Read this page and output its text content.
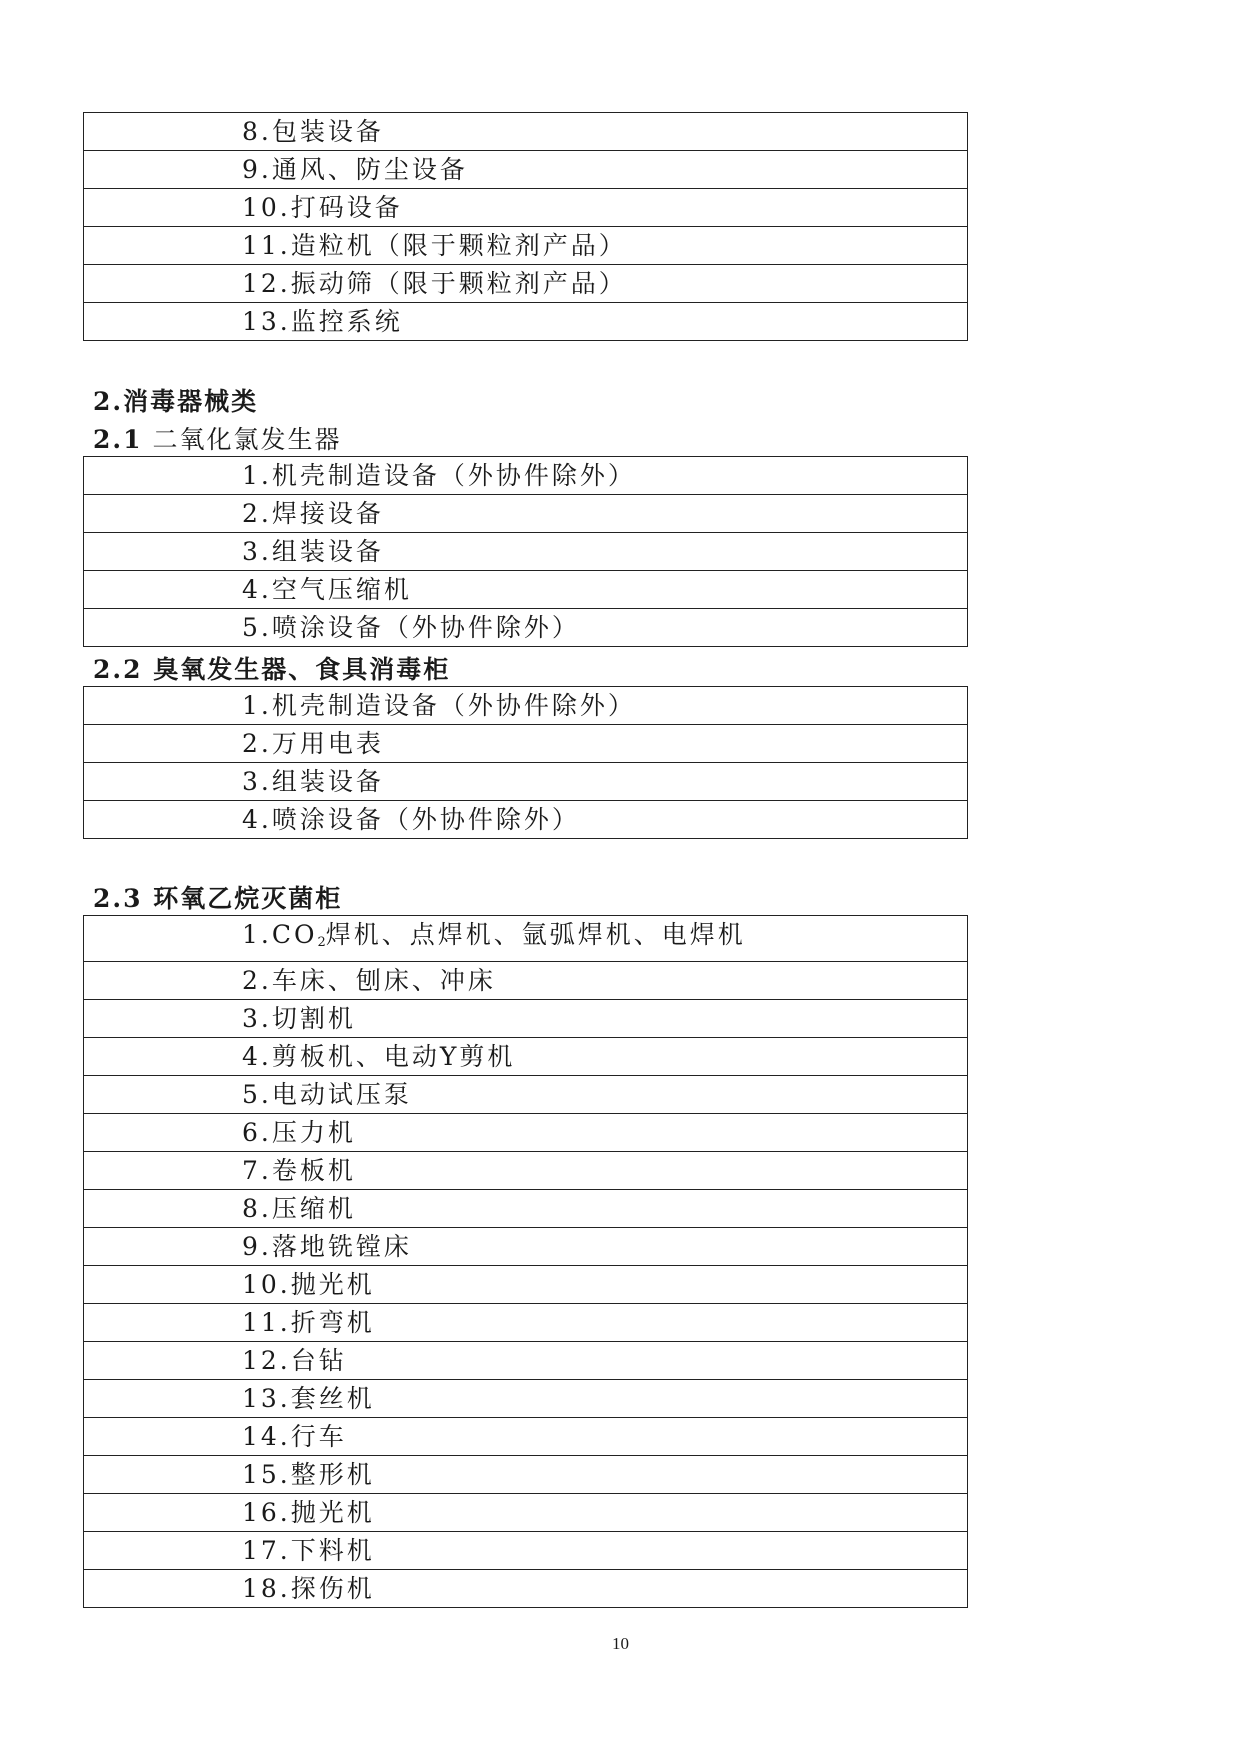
8.包装设备
9.通风、防尘设备
10.打码设备
11.造粒机（限于颗粒剂产品）
12.振动筛（限于颗粒剂产品）
13.监控系统
2.消毒器械类
2.1 二氧化氯发生器
1.机壳制造设备（外协件除外）
2.焊接设备
3.组装设备
4.空气压缩机
5.喷涂设备（外协件除外）
2.2 臭氧发生器、食具消毒柜
1.机壳制造设备（外协件除外）
2.万用电表
3.组装设备
4.喷涂设备（外协件除外）
2.3 环氧乙烷灭菌柜
$1.CO_2$焊机、点焊机、氩弧焊机、电焊机
2.车床、刨床、冲床
3.切割机
4.剪板机、电动Y剪机
5.电动试压泵
6.压力机
7.卷板机
8.压缩机
9.落地铣镗床
10.抛光机
11.折弯机
12.台钻
13.套丝机
14.行车
15.整形机
16.抛光机
17.下料机
18.探伤机
10
